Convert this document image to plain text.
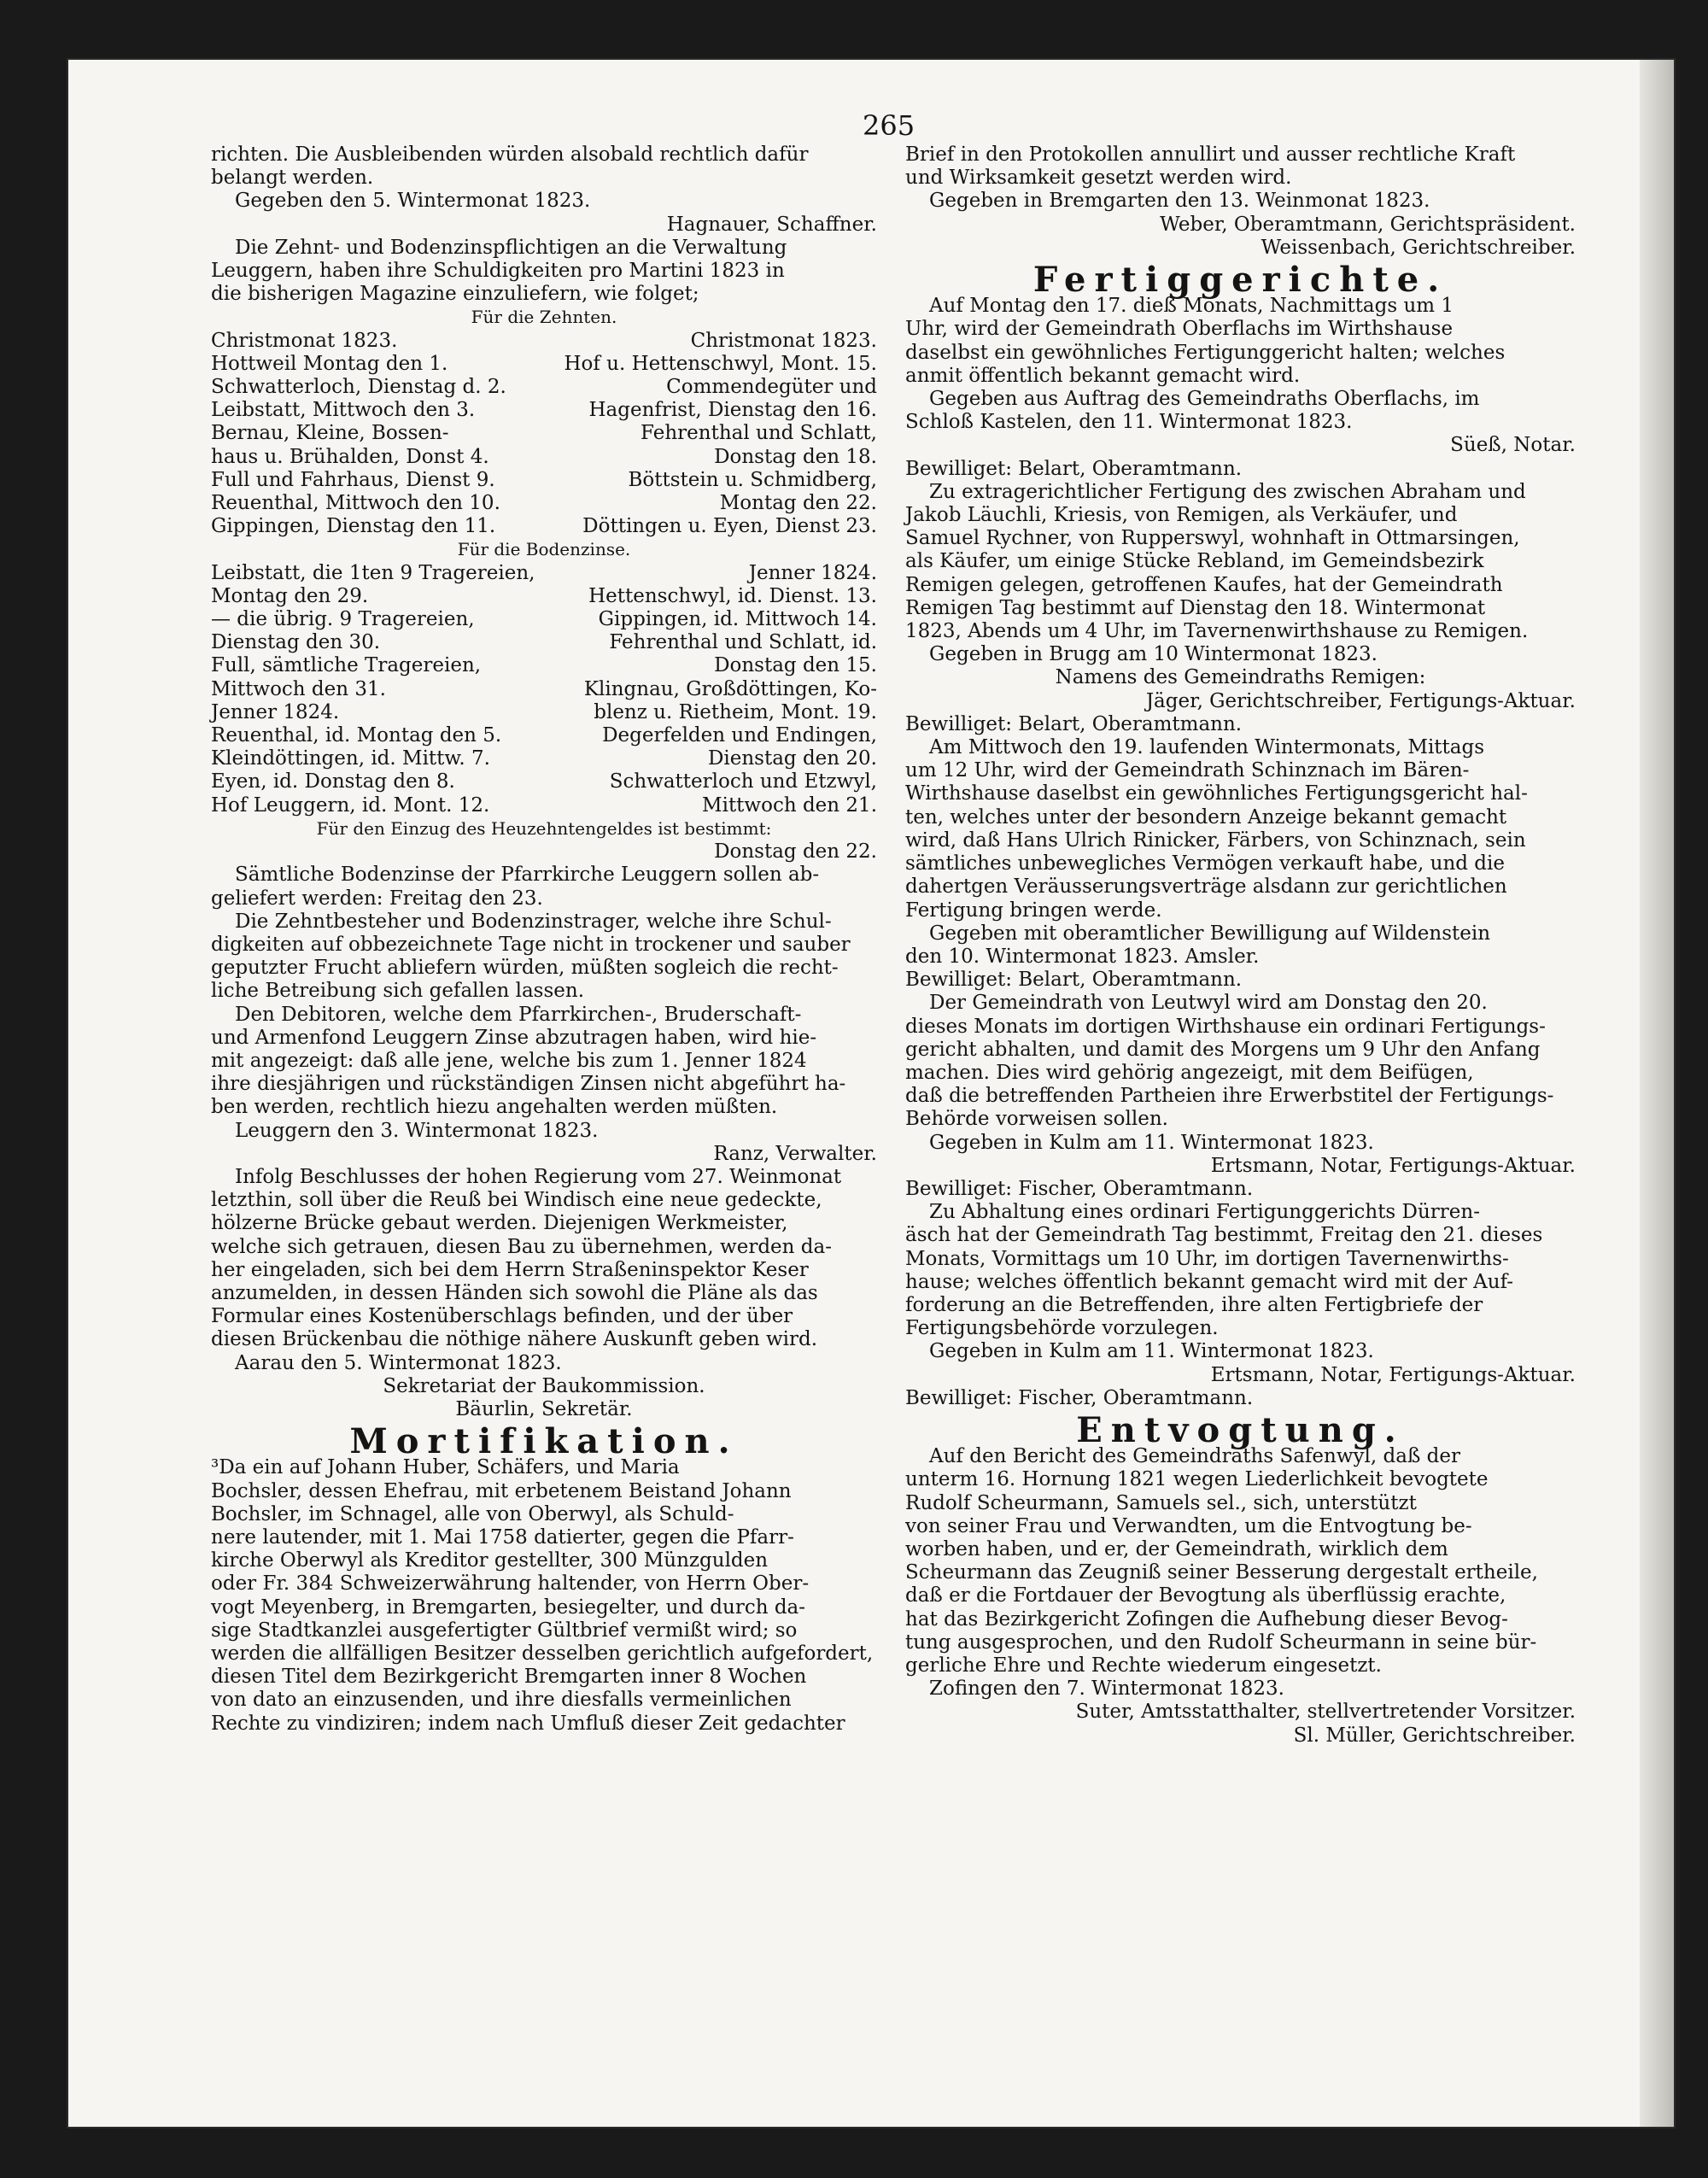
265
richten. Die Ausbleibenden würden alsobald rechtlich dafür
belangt werden.
Gegeben den 5. Wintermonat 1823.
Hagnauer, Schaffner.
Die Zehnt- und Bodenzinspflichtigen an die Verwaltung
Leuggern, haben ihre Schuldigkeiten pro Martini 1823 in
die bisherigen Magazine einzuliefern, wie folget;
Für die Zehnten.
Christmonat 1823.	Christmonat 1823.
Hottweil Montag den 1.	Hof u. Hettenschwyl, Mont. 15.
Schwatterloch, Dienstag d. 2.	Commendegüter und
Leibstatt, Mittwoch den 3.	Hagenfrist, Dienstag den 16.
Bernau, Kleine, Bossen-	Fehrenthal und Schlatt,
haus u. Brühalden, Donst 4.	Donstag den 18.
Full und Fahrhaus, Dienst 9.	Böttstein u. Schmidberg,
Reuenthal, Mittwoch den 10.	Montag den 22.
Gippingen, Dienstag den 11.	Döttingen u. Eyen, Dienst 23.
Für die Bodenzinse.
Leibstatt, die 1ten 9 Tragereien,	Jenner 1824.
Montag den 29.	Hettenschwyl, id. Dienst. 13.
— die übrig. 9 Tragereien,	Gippingen, id. Mittwoch 14.
Dienstag den 30.	Fehrenthal und Schlatt, id.
Full, sämtliche Tragereien,	Donstag den 15.
Mittwoch den 31.	Klingnau, Großdöttingen, Ko-
Jenner 1824.	blenz u. Rietheim, Mont. 19.
Reuenthal, id. Montag den 5.	Degerfelden und Endingen,
Kleindöttingen, id. Mittw. 7.	Dienstag den 20.
Eyen, id. Donstag den 8.	Schwatterloch und Etzwyl,
Hof Leuggern, id. Mont. 12.	Mittwoch den 21.
Für den Einzug des Heuzehntengeldes ist bestimmt:
Donstag den 22.
Sämtliche Bodenzinse der Pfarrkirche Leuggern sollen ab-
geliefert werden: Freitag den 23.
Die Zehntbesteher und Bodenzinstrager, welche ihre Schul-
digkeiten auf obbezeichnete Tage nicht in trockener und sauber
geputzter Frucht abliefern würden, müßten sogleich die recht-
liche Betreibung sich gefallen lassen.
Den Debitoren, welche dem Pfarrkirchen-, Bruderschaft-
und Armenfond Leuggern Zinse abzutragen haben, wird hie-
mit angezeigt: daß alle jene, welche bis zum 1. Jenner 1824
ihre diesjährigen und rückständigen Zinsen nicht abgeführt ha-
ben werden, rechtlich hiezu angehalten werden müßten.
Leuggern den 3. Wintermonat 1823.
Ranz, Verwalter.
Infolg Beschlusses der hohen Regierung vom 27. Weinmonat
letzthin, soll über die Reuß bei Windisch eine neue gedeckte,
hölzerne Brücke gebaut werden. Diejenigen Werkmeister,
welche sich getrauen, diesen Bau zu übernehmen, werden da-
her eingeladen, sich bei dem Herrn Straßeninspektor Keser
anzumelden, in dessen Händen sich sowohl die Pläne als das
Formular eines Kostenüberschlags befinden, und der über
diesen Brückenbau die nöthige nähere Auskunft geben wird.
Aarau den 5. Wintermonat 1823.
Sekretariat der Baukommission.
Bäurlin, Sekretär.
Mortifikation.
³Da ein auf Johann Huber, Schäfers, und Maria
Bochsler, dessen Ehefrau, mit erbetenem Beistand Johann
Bochsler, im Schnagel, alle von Oberwyl, als Schuld-
nere lautender, mit 1. Mai 1758 datierter, gegen die Pfarr-
kirche Oberwyl als Kreditor gestellter, 300 Münzgulden
oder Fr. 384 Schweizerwährung haltender, von Herrn Ober-
vogt Meyenberg, in Bremgarten, besiegelter, und durch da-
sige Stadtkanzlei ausgefertigter Gültbrief vermißt wird; so
werden die allfälligen Besitzer desselben gerichtlich aufgefordert,
diesen Titel dem Bezirkgericht Bremgarten inner 8 Wochen
von dato an einzusenden, und ihre diesfalls vermeinlichen
Rechte zu vindiziren; indem nach Umfluß dieser Zeit gedachter
Brief in den Protokollen annullirt und ausser rechtliche Kraft
und Wirksamkeit gesetzt werden wird.
Gegeben in Bremgarten den 13. Weinmonat 1823.
Weber, Oberamtmann, Gerichtspräsident.
Weissenbach, Gerichtschreiber.
Fertiggerichte.
Auf Montag den 17. dieß Monats, Nachmittags um 1
Uhr, wird der Gemeindrath Oberflachs im Wirthshause
daselbst ein gewöhnliches Fertigunggericht halten; welches
anmit öffentlich bekannt gemacht wird.
Gegeben aus Auftrag des Gemeindraths Oberflachs, im
Schloß Kastelen, den 11. Wintermonat 1823.
Süeß, Notar.
Bewilliget: Belart, Oberamtmann.
Zu extragerichtlicher Fertigung des zwischen Abraham und
Jakob Läuchli, Kriesis, von Remigen, als Verkäufer, und
Samuel Rychner, von Rupperswyl, wohnhaft in Ottmarsingen,
als Käufer, um einige Stücke Rebland, im Gemeindsbezirk
Remigen gelegen, getroffenen Kaufes, hat der Gemeindrath
Remigen Tag bestimmt auf Dienstag den 18. Wintermonat
1823, Abends um 4 Uhr, im Tavernenwirthshause zu Remigen.
Gegeben in Brugg am 10 Wintermonat 1823.
Namens des Gemeindraths Remigen:
Jäger, Gerichtschreiber, Fertigungs-Aktuar.
Bewilliget: Belart, Oberamtmann.
Am Mittwoch den 19. laufenden Wintermonats, Mittags
um 12 Uhr, wird der Gemeindrath Schinznach im Bären-
Wirthshause daselbst ein gewöhnliches Fertigungsgericht hal-
ten, welches unter der besondern Anzeige bekannt gemacht
wird, daß Hans Ulrich Rinicker, Färbers, von Schinznach, sein
sämtliches unbewegliches Vermögen verkauft habe, und die
dahertgen Veräusserungsverträge alsdann zur gerichtlichen
Fertigung bringen werde.
Gegeben mit oberamtlicher Bewilligung auf Wildenstein
den 10. Wintermonat 1823. Amsler.
Bewilliget: Belart, Oberamtmann.
Der Gemeindrath von Leutwyl wird am Donstag den 20.
dieses Monats im dortigen Wirthshause ein ordinari Fertigungs-
gericht abhalten, und damit des Morgens um 9 Uhr den Anfang
machen. Dies wird gehörig angezeigt, mit dem Beifügen,
daß die betreffenden Partheien ihre Erwerbstitel der Fertigungs-
Behörde vorweisen sollen.
Gegeben in Kulm am 11. Wintermonat 1823.
Ertsmann, Notar, Fertigungs-Aktuar.
Bewilliget: Fischer, Oberamtmann.
Zu Abhaltung eines ordinari Fertigunggerichts Dürren-
äsch hat der Gemeindrath Tag bestimmt, Freitag den 21. dieses
Monats, Vormittags um 10 Uhr, im dortigen Tavernenwirths-
hause; welches öffentlich bekannt gemacht wird mit der Auf-
forderung an die Betreffenden, ihre alten Fertigbriefe der
Fertigungsbehörde vorzulegen.
Gegeben in Kulm am 11. Wintermonat 1823.
Ertsmann, Notar, Fertigungs-Aktuar.
Bewilliget: Fischer, Oberamtmann.
Entvogtung.
Auf den Bericht des Gemeindraths Safenwyl, daß der
unterm 16. Hornung 1821 wegen Liederlichkeit bevogtete
Rudolf Scheurmann, Samuels sel., sich, unterstützt
von seiner Frau und Verwandten, um die Entvogtung be-
worben haben, und er, der Gemeindrath, wirklich dem
Scheurmann das Zeugniß seiner Besserung dergestalt ertheile,
daß er die Fortdauer der Bevogtung als überflüssig erachte,
hat das Bezirkgericht Zofingen die Aufhebung dieser Bevog-
tung ausgesprochen, und den Rudolf Scheurmann in seine bür-
gerliche Ehre und Rechte wiederum eingesetzt.
Zofingen den 7. Wintermonat 1823.
Suter, Amtsstatthalter, stellvertretender Vorsitzer.
Sl. Müller, Gerichtschreiber.
